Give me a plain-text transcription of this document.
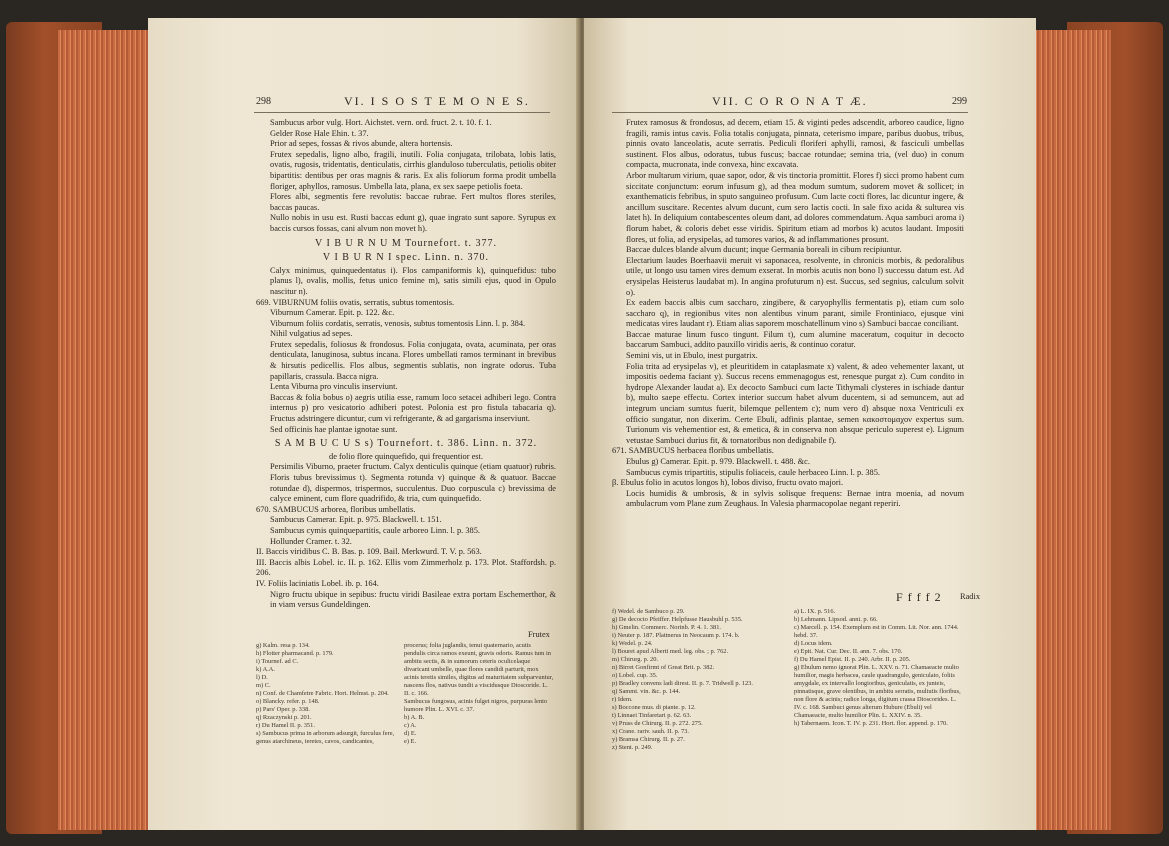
298	VI. I S O S T E M O N E S.

Sambucus arbor vulg. Hort. Aichstet. vern. ord. fruct. 2. t. 10. f. 1.

Gelder Rose Hale Ehin. t. 37.

Prior ad sepes, fossas & rivos abunde, altera hortensis.

Frutex sepedalis, ligno albo, fragili, inutili. Folia conjugata, trilobata, lobis latis, ovatis, rugosis, tridentatis, denticulatis, cirrhis glanduloso tuberculatis, petiolis obiter bipartitis: dentibus per oras magnis & raris. Ex alis foliorum forma prodit umbella floriger, aphyllos, ramosus. Umbella lata, plana, ex sex saepe petiolis foeta.

Flores albi, segmentis fere revolutis: baccae rubrae. Fert multos flores steriles, baccas paucas.

Nullo nobis in usu est. Rusti baccas edunt g), quae ingrato sunt sapore. Syrupus ex baccis cursos fossas, cani alvum non movet h).

V I B U R N U M Tournefort. t. 377.

V I B U R N I spec. Linn. n. 370.

Calyx minimus, quinquedentatus i). Flos campaniformis k), quinquefidus: tubo planus l), ovalis, mollis, fetus unico femine m), satis simili ejus, quod in Opulo nascitur n).

669. VIBURNUM foliis ovatis, serratis, subtus tomentosis.

Viburnum Camerar. Epit. p. 122. &c.

Viburnum foliis cordatis, serratis, venosis, subtus tomentosis Linn. l. p. 384.

Nihil vulgatius ad sepes.

Frutex sepedalis, foliosus & frondosus. Folia conjugata, ovata, acuminata, per oras denticulata, lanuginosa, subtus incana. Flores umbellati ramos terminant in brevibus & hirsutis pedicellis. Flos albus, segmentis sublatis, non ingrate odorus. Tuba papillaris, crassula. Bacca nigra.

Lenta Viburna pro vinculis inserviunt.

Baccas & folia bobus o) aegris utilia esse, ramum loco setacei adhiberi lego. Contra internus p) pro vesicatorio adhiberi potest. Polonia est pro fistula tabacaria q). Fructus adstringere dicuntur, cum vi refrigerante, & ad gargarisma inserviunt.

Sed officinis hae plantae ignotae sunt.

S A M B U C U S s) Tournefort. t. 386. Linn. n. 372.

de folio flore quinquefido, qui frequentior est.

Persimilis Viburno, praeter fructum. Calyx denticulis quinque (etiam quatuor) rubris. Floris tubus brevissimus t). Segmenta rotunda v) quinque & & quatuor. Baccae rotundae d), dispermos, trispermos, succulentus. Duo corpuscula c) brevissima de calyce eminent, cum flore quadrifido, & tria, cum quinquefido.

670. SAMBUCUS arborea, floribus umbellatis.

Sambucus Camerar. Epit. p. 975. Blackwell. t. 151.

Sambucus cymis quinquepartitis, caule arboreo Linn. l. p. 385.

Hollunder Cramer. t. 32.

II. Baccis viridibus C. B. Bas. p. 109. Bail. Merkwurd. T. V. p. 563.

III. Baccis albis Lobel. ic. II. p. 162. Ellis vom Zimmerholz p. 173. Plot. Staffordsh. p. 206.

IV. Foliis laciniatis Lobel. ib. p. 164.

Nigro fructu ubique in sepibus: fructu viridi Basileae extra portam Eschemerthor, & in viam versus Gundeldingen.

Frutex

g) Kalm. resa p. 134.

h) Flotter pharmacand. p. 179.

i) Tournef. ad C.

k) A.A.

l) D.

m) C.

n) Conf. de Chamfetre Fabric. Hort. Helmst. p. 204.

o) Blancky. refer. p. 148.

p) Pars' Oper. p. 338.

q) Rzaczynski p. 201.

r) Du Hamel II. p. 351.

s) Sambucus prima in arborum adsurgit, furculus fere, genus atarchineus, teretes, cavos, candicantes,

procerus; folia juglandis, tenui quaternario, acutis pendulis circa ramos exeunt, gravis odoris. Ramus tum in ambitu sectis, & in sumorum ceteris oculicelaque divaricant umbelle, quae flores candidi parturit, mox acinis teretis similes, digitus ad maturitatem subparvuntur, nascens flos, nativus tundit a viscidusque Dioscoride. L. II. c. 166.

Sambucus fungosus, acinis fulget nigros, purpuras lento humore Plin. L. XVI. c. 37.

b) A. B.

c) A.

d) E.

e) E.

VII. C O R O N A T Æ.	299

Frutex ramosus & frondosus, ad decem, etiam 15. & viginti pedes adscendit, arboreo caudice, ligno fragili, ramis intus cavis. Folia totalis conjugata, pinnata, ceterismo impare, paribus duobus, tribus, pinnis ovato lanceolatis, acute serratis. Pediculi floriferi aphylli, ramosi, & fasciculi umbellas sustinent. Flos albus, odoratus, tubus fuscus; baccae rotundae; semina tria, (vel duo) in conum compacta, mucronata, inde convexa, hinc excavata.

Arbor multarum virium, quae sapor, odor, & vis tinctoria promittit. Flores f) sicci promo habent cum siccitate conjunctum: eorum infusum g), ad thea modum sumtum, sudorem movet & sollicet; in exanthematicis febribus, in sputo sanguineo profusum. Cum lacte cocti flores, lac dicuntur ingere, & ancillum suscitare. Recentes alvum ducunt, cum sero lactis cocti. In sale fixo acida & sulturea vis latet h). In deliquium contabescentes oleum dant, ad dolores commendatum. Aqua sambuci aroma i) florum habet, & coloris debet esse viridis. Spiritum etiam ad morbos k) acutos laudant. Impositi flores, ut folia, ad erysipelas, ad tumores varios, & ad inflammationes prosunt.

Baccae dulces blande alvum ducunt; inque Germania boreali in cibum recipiuntur.

Electarium laudes Boerhaavii meruit vi saponacea, resolvente, in chronicis morbis, & pedoralibus utile, ut longo usu tamen vires demum exserat. In morbis acutis non bono l) successu datum est. Ad erysipelas Heisterus laudabat m). In angina profuturum n) est. Succus, sed segnius, calculum solvit o).

Ex eadem baccis albis cum saccharo, zingibere, & caryophyllis fermentatis p), etiam cum solo saccharo q), in regionibus vites non alentibus vinum parant, simile Frontiniaco, ejusque vini medicatas vires laudant r). Etiam alias saporem moschatellinum vino s) Sambuci baccae conciliant.

Baccae maturae linum fusco tingunt. Filum t), cum alumine maceratum, coquitur in decocto baccarum Sambuci, addito pauxillo viridis aeris, & continuo coratur.

Semini vis, ut in Ebulo, inest purgatrix.

Folia trita ad erysipelas v), et pleuritidem in cataplasmate x) valent, & adeo vehementer laxant, ut impositis oedema faciant y). Succus recens emmenagogus est, renesque purgat z). Cum condito in hydrope Alexander laudat a). Ex decocto Sambuci cum lacte Tithymali clysteres in ischiade dantur b), multo saepe effectu. Cortex interior succum habet alvum ducentem, si ad semuncem, aut ad integrum unciam sumtus fuerit, bilemque pellentem c); num vero d) absque noxa Ventriculi ex officio sungatur, non dixerim. Certe Ebuli, adfinis plantae, semen κακοστομαχον expertus sum. Turionum vis vehementior est, & emetica, & in conserva non absque periculo superest e). Lignum vetustae Sambuci durius fit, & tornatoribus non dedignabile f).

671. SAMBUCUS herbacea floribus umbellatis.

Ebulus g) Camerar. Epit. p. 979. Blackwell. t. 488. &c.

Sambucus cymis tripartitis, stipulis foliaceis, caule herbaceo Linn. l. p. 385.

β. Ebulus folio in acutos longos h), lobos diviso, fructu ovato majori.

Locis humidis & umbrosis, & in sylvis solisque frequens: Bernae intra moenia, ad novum ambulacrum vom Plane zum Zeughaus. In Valesia pharmacopolae negant reperiri.

F f f f 2 Radix

f) Wedel. de Sambuco p. 29.

g) De decocto Pfeiffer. Helpfusse Hausbuhl p. 535.

h) Gmelin. Commerc. Norinb. P. 4. 1. 381.

i) Neuter p. 187. Plattnerus in Neocaum p. 174. b.

k) Wedel. p. 24.

l) Bouret apud Alberti med. leg. obs. ; p. 762.

m) Chirurg. p. 20.

n) Birret Gonfirmt of Great Brit. p. 382.

o) Lobel. cup. 35.

p) Bradley convens ladi direst. II. p. 7. Tridwell p. 123.

q) Sammt. vin. &c. p. 144.

r) Idem.

s) Boccone mus. di piante. p. 12.

t) Linnaei Tinfaretari p. 62. 63.

v) Pruss de Chirurg. II. p. 272. 275.

x) Crane. rariv. sauh. II. p. 73.

y) Bramsa Chirurg. II. p. 27.

z) Stent. p. 249.

a) L. IX. p. 516.

b) Lehmann. Lipsod. anni. p. 66.

c) Marcell. p. 154. Exemplum est in Comm. Lit. Nor. ann. 1744. hebd. 37.

d) Locus idem.

e) Epit. Nat. Cur. Dec. II. ann. 7. obs. 170.

f) Du Hamel Epist. II. p. 240. Arbr. II. p. 205.

g) Ebulum nemo ignorat Plin. L. XXV. n. 71. Chamaeacte multo humilior, magis herbacea, caule quadrangulo, geniculato, foliis amygdale, ex intervallo longioribus, geniculatis, ex junteis, pinnatisque, grave olentibus, in ambitu serratis, muliutis floribus, non flore & acinis; radice longa, digitum crassa Dioscorides. L. IV. c. 168. Sambuci genus alterum Hubure (Ebuli) vel Chamaeacte, multo humilior Plin. L. XXIV. n. 35.

h) Tabernaem. Icon. T. IV. p. 231. Hort. flor. append. p. 170.
